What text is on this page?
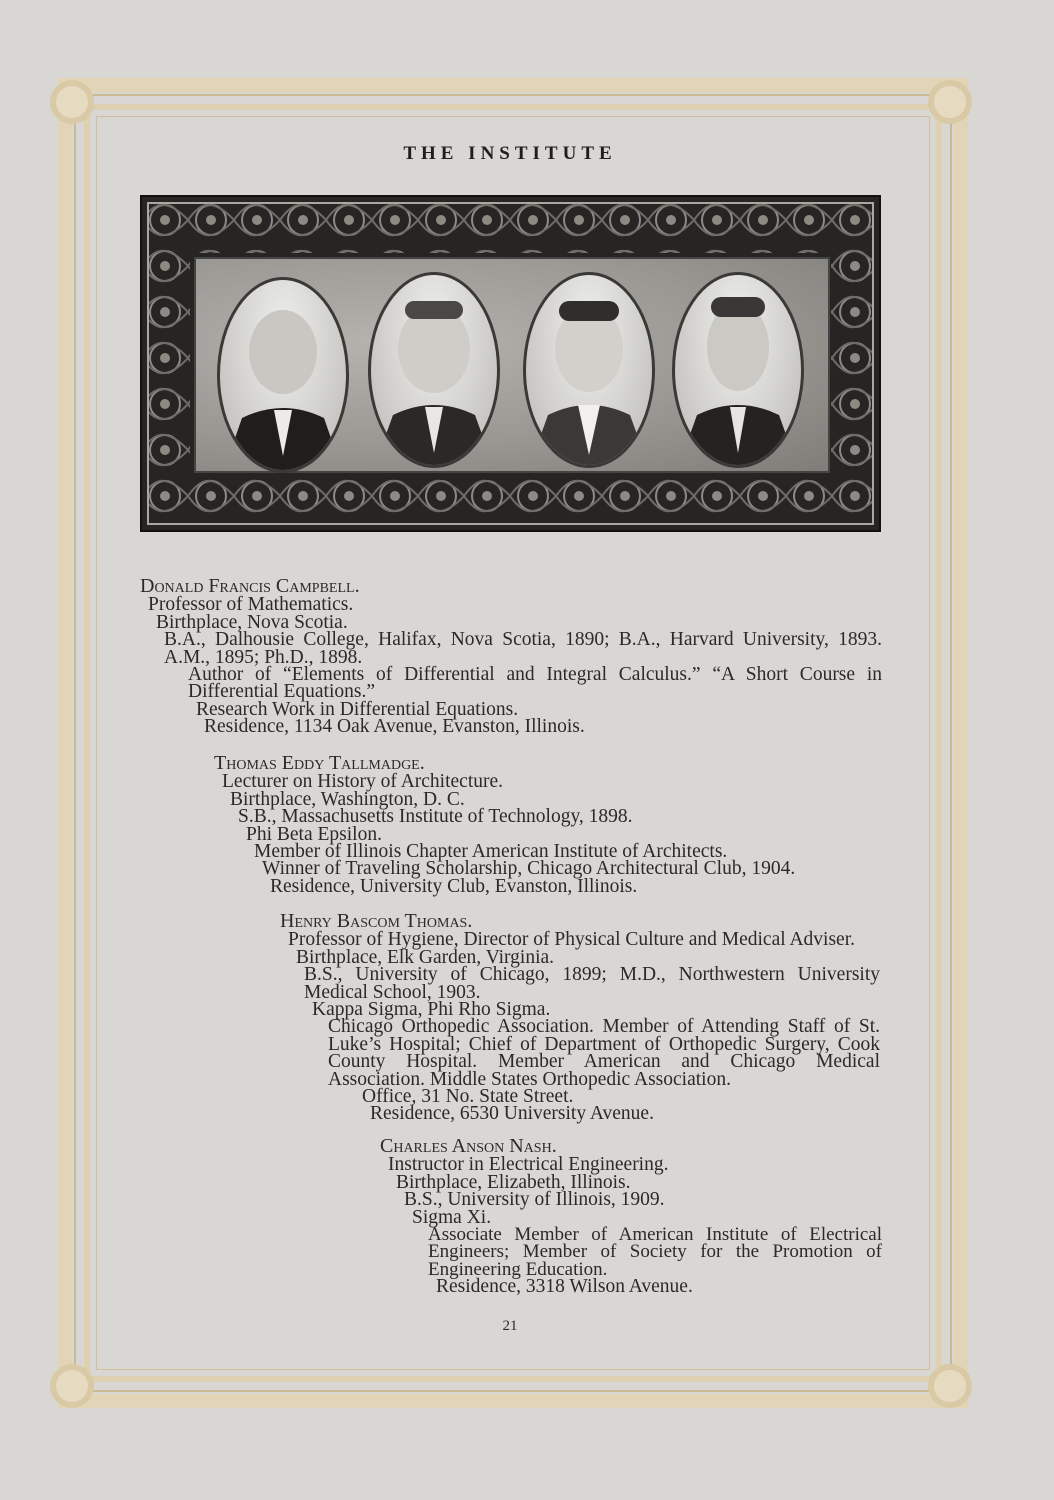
THE INSTITUTE

Donald Francis Campbell.

Professor of Mathematics.

Birthplace, Nova Scotia.

B.A., Dalhousie College, Halifax, Nova Scotia, 1890; B.A., Harvard University, 1893. A.M., 1895; Ph.D., 1898.

Author of “Elements of Differential and Integral Calculus.” “A Short Course in Differential Equations.”

Research Work in Differential Equations.

Residence, 1134 Oak Avenue, Evanston, Illinois.

Thomas Eddy Tallmadge.

Lecturer on History of Architecture.

Birthplace, Washington, D. C.

S.B., Massachusetts Institute of Technology, 1898.

Phi Beta Epsilon.

Member of Illinois Chapter American Institute of Architects.

Winner of Traveling Scholarship, Chicago Architectural Club, 1904.

Residence, University Club, Evanston, Illinois.

Henry Bascom Thomas.

Professor of Hygiene, Director of Physical Culture and Medical Adviser.

Birthplace, Elk Garden, Virginia.

B.S., University of Chicago, 1899; M.D., Northwestern University Medical School, 1903.

Kappa Sigma, Phi Rho Sigma.

Chicago Orthopedic Association. Member of Attending Staff of St. Luke’s Hospital; Chief of Department of Orthopedic Surgery, Cook County Hospital. Member American and Chicago Medical Association. Middle States Orthopedic Association.

Office, 31 No. State Street.

Residence, 6530 University Avenue.

Charles Anson Nash.

Instructor in Electrical Engineering.

Birthplace, Elizabeth, Illinois.

B.S., University of Illinois, 1909.

Sigma Xi.

Associate Member of American Institute of Electrical Engineers; Member of Society for the Promotion of Engineering Education.

Residence, 3318 Wilson Avenue.

21
